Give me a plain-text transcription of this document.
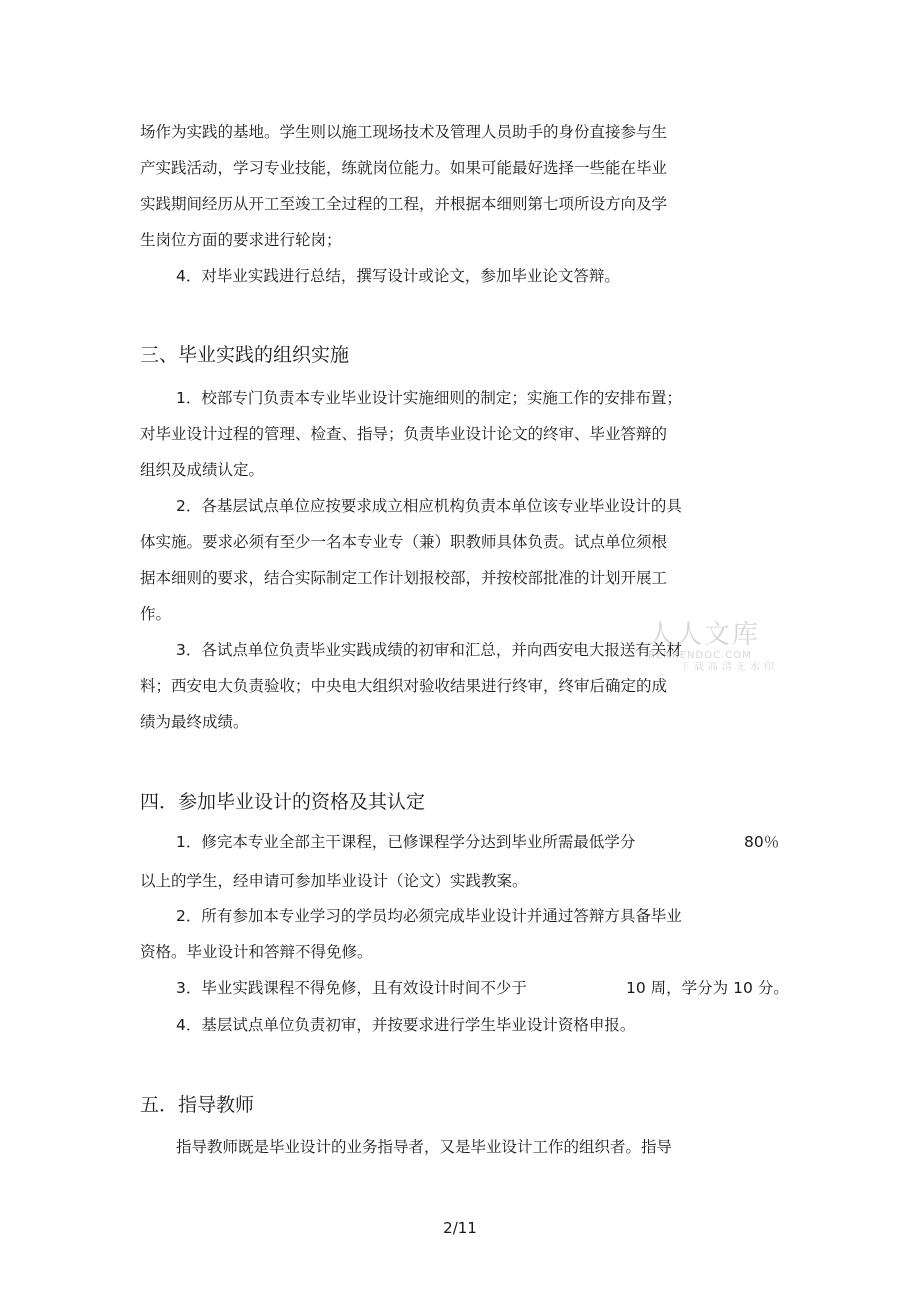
场作为实践的基地。学生则以施工现场技术及管理人员助手的身份直接参与生
产实践活动，学习专业技能，练就岗位能力。如果可能最好选择一些能在毕业
实践期间经历从开工至竣工全过程的工程，并根据本细则第七项所设方向及学
生岗位方面的要求进行轮岗；
4．对毕业实践进行总结，撰写设计或论文，参加毕业论文答辩。
三、毕业实践的组织实施
1．校部专门负责本专业毕业设计实施细则的制定；实施工作的安排布置；
对毕业设计过程的管理、检查、指导；负责毕业设计论文的终审、毕业答辩的
组织及成绩认定。
2．各基层试点单位应按要求成立相应机构负责本单位该专业毕业设计的具
体实施。要求必须有至少一名本专业专（兼）职教师具体负责。试点单位须根
据本细则的要求，结合实际制定工作计划报校部，并按校部批准的计划开展工
作。
3．各试点单位负责毕业实践成绩的初审和汇总，并向西安电大报送有关材
料；西安电大负责验收；中央电大组织对验收结果进行终审，终审后确定的成
绩为最终成绩。
人人文库
RENRENDOC.COM
下载高清无水印
四．参加毕业设计的资格及其认定
1．修完本专业全部主干课程，已修课程学分达到毕业所需最低学分	80％
以上的学生，经申请可参加毕业设计（论文）实践教案。
2．所有参加本专业学习的学员均必须完成毕业设计并通过答辩方具备毕业
资格。毕业设计和答辩不得免修。
3．毕业实践课程不得免修，且有效设计时间不少于	10 周，学分为 10 分。
4．基层试点单位负责初审，并按要求进行学生毕业设计资格申报。
五．指导教师
指导教师既是毕业设计的业务指导者，又是毕业设计工作的组织者。指导
2/11
